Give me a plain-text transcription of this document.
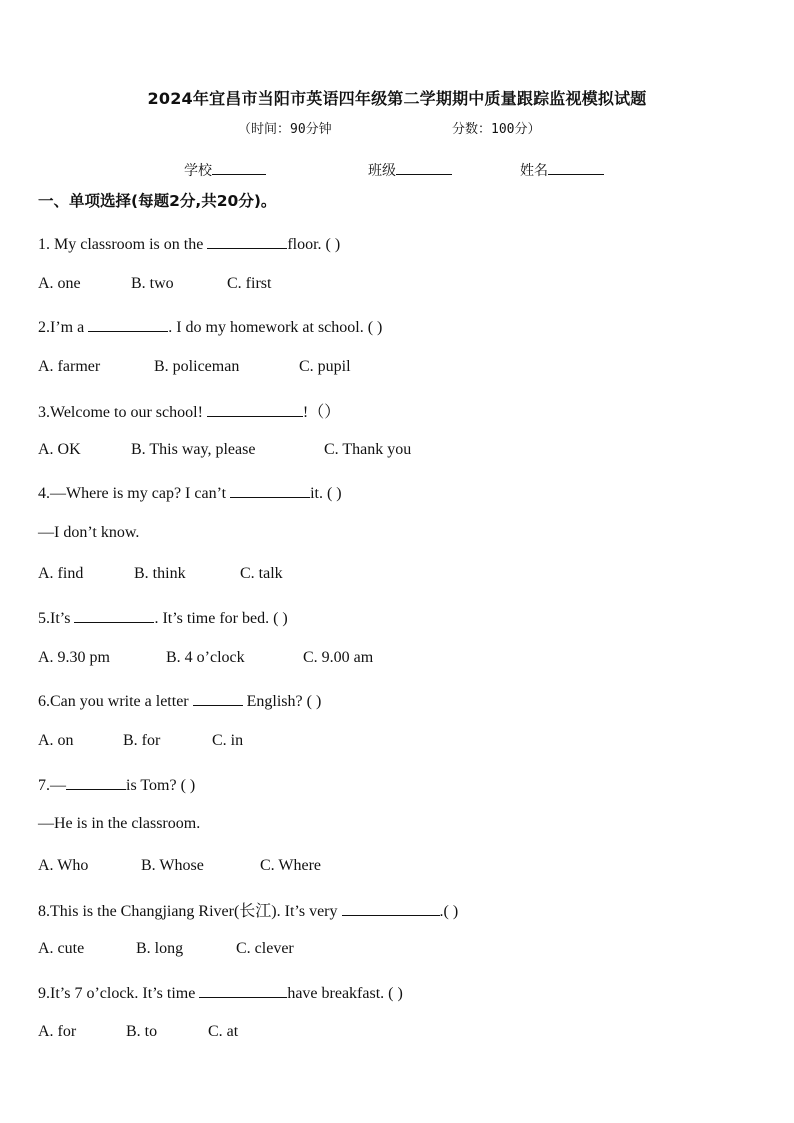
2024年宜昌市当阳市英语四年级第二学期期中质量跟踪监视模拟试题
（时间：90分钟	分数：100分）
学校	班级	姓名
一、单项选择(每题2分,共20分)。
1. My classroom is on the	floor. ( )
A. one	B. two	C. first
2.I’m a	. I do my homework at school. ( )
A. farmer	B. policeman	C. pupil
3.Welcome to our school!	!（）
A. OK	B. This way, please	C. Thank you
4.—Where is my cap? I can’t	it. ( )
—I don’t know.
A. find	B. think	C. talk
5.It’s	. It’s time for bed. ( )
A. 9.30 pm	B. 4 o’clock	C. 9.00 am
6.Can you write a letter	English? ( )
A. on	B. for	C. in
7.—	is Tom? ( )
—He is in the classroom.
A. Who	B. Whose	C. Where
8.This is the Changjiang River(长江). It’s very	.( )
A. cute	B. long	C. clever
9.It’s 7 o’clock. It’s time	have breakfast. ( )
A. for	B. to	C. at
